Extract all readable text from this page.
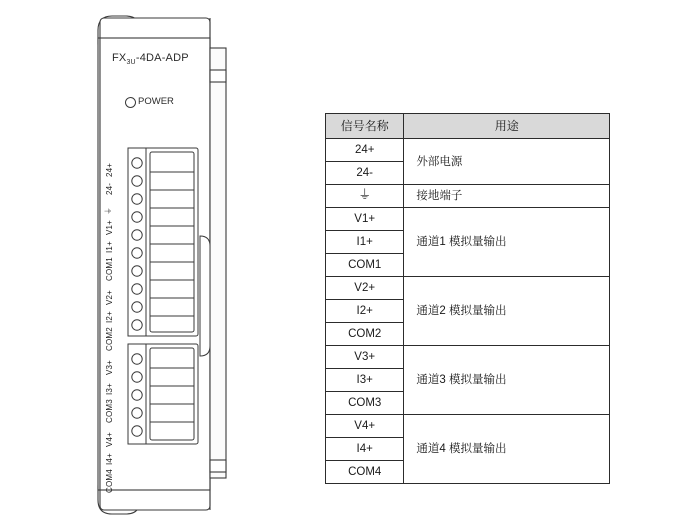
$FX_{3U}-4DA$-ADP
POWER
24+
24-
⏚
V1+
I1+
COM1
V2+
I2+
COM2
V3+
I3+
COM3
V4+
I4+
COM4
信号名称	用途
24+	外部电源
24-	
⏚	接地端子
V1+	通道1 模拟量输出
I1+	
COM1	
V2+	通道2 模拟量输出
I2+	
COM2	
V3+	通道3 模拟量输出
I3+	
COM3	
V4+	通道4 模拟量输出
I4+	
COM4	
